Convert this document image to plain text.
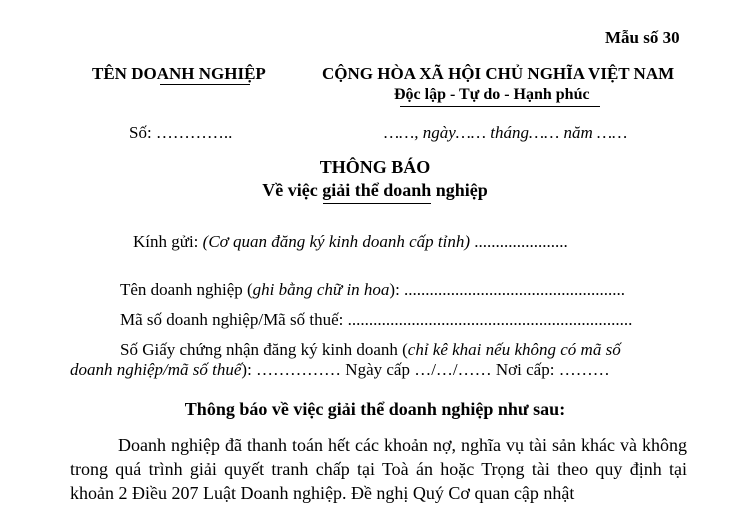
Mẫu số 30
TÊN DOANH NGHIỆP	CỘNG HÒA XÃ HỘI CHỦ NGHĨA VIỆT NAM
Độc lập - Tự do - Hạnh phúc
Số: …………..	……, ngày…… tháng…… năm ……
THÔNG BÁO
Về việc giải thể doanh nghiệp
Kính gửi: (Cơ quan đăng ký kinh doanh cấp tỉnh) ......................
Tên doanh nghiệp (ghi bằng chữ in hoa): ....................................................
Mã số doanh nghiệp/Mã số thuế: ...................................................................
Số Giấy chứng nhận đăng ký kinh doanh (chỉ kê khai nếu không có mã số
doanh nghiệp/mã số thuế): …………… Ngày cấp …/…/…… Nơi cấp: ………
Thông báo về việc giải thể doanh nghiệp như sau:
Doanh nghiệp đã thanh toán hết các khoản nợ, nghĩa vụ tài sản khác và không trong quá trình giải quyết tranh chấp tại Toà án hoặc Trọng tài theo quy định tại khoản 2 Điều 207 Luật Doanh nghiệp. Đề nghị Quý Cơ quan cập nhật
